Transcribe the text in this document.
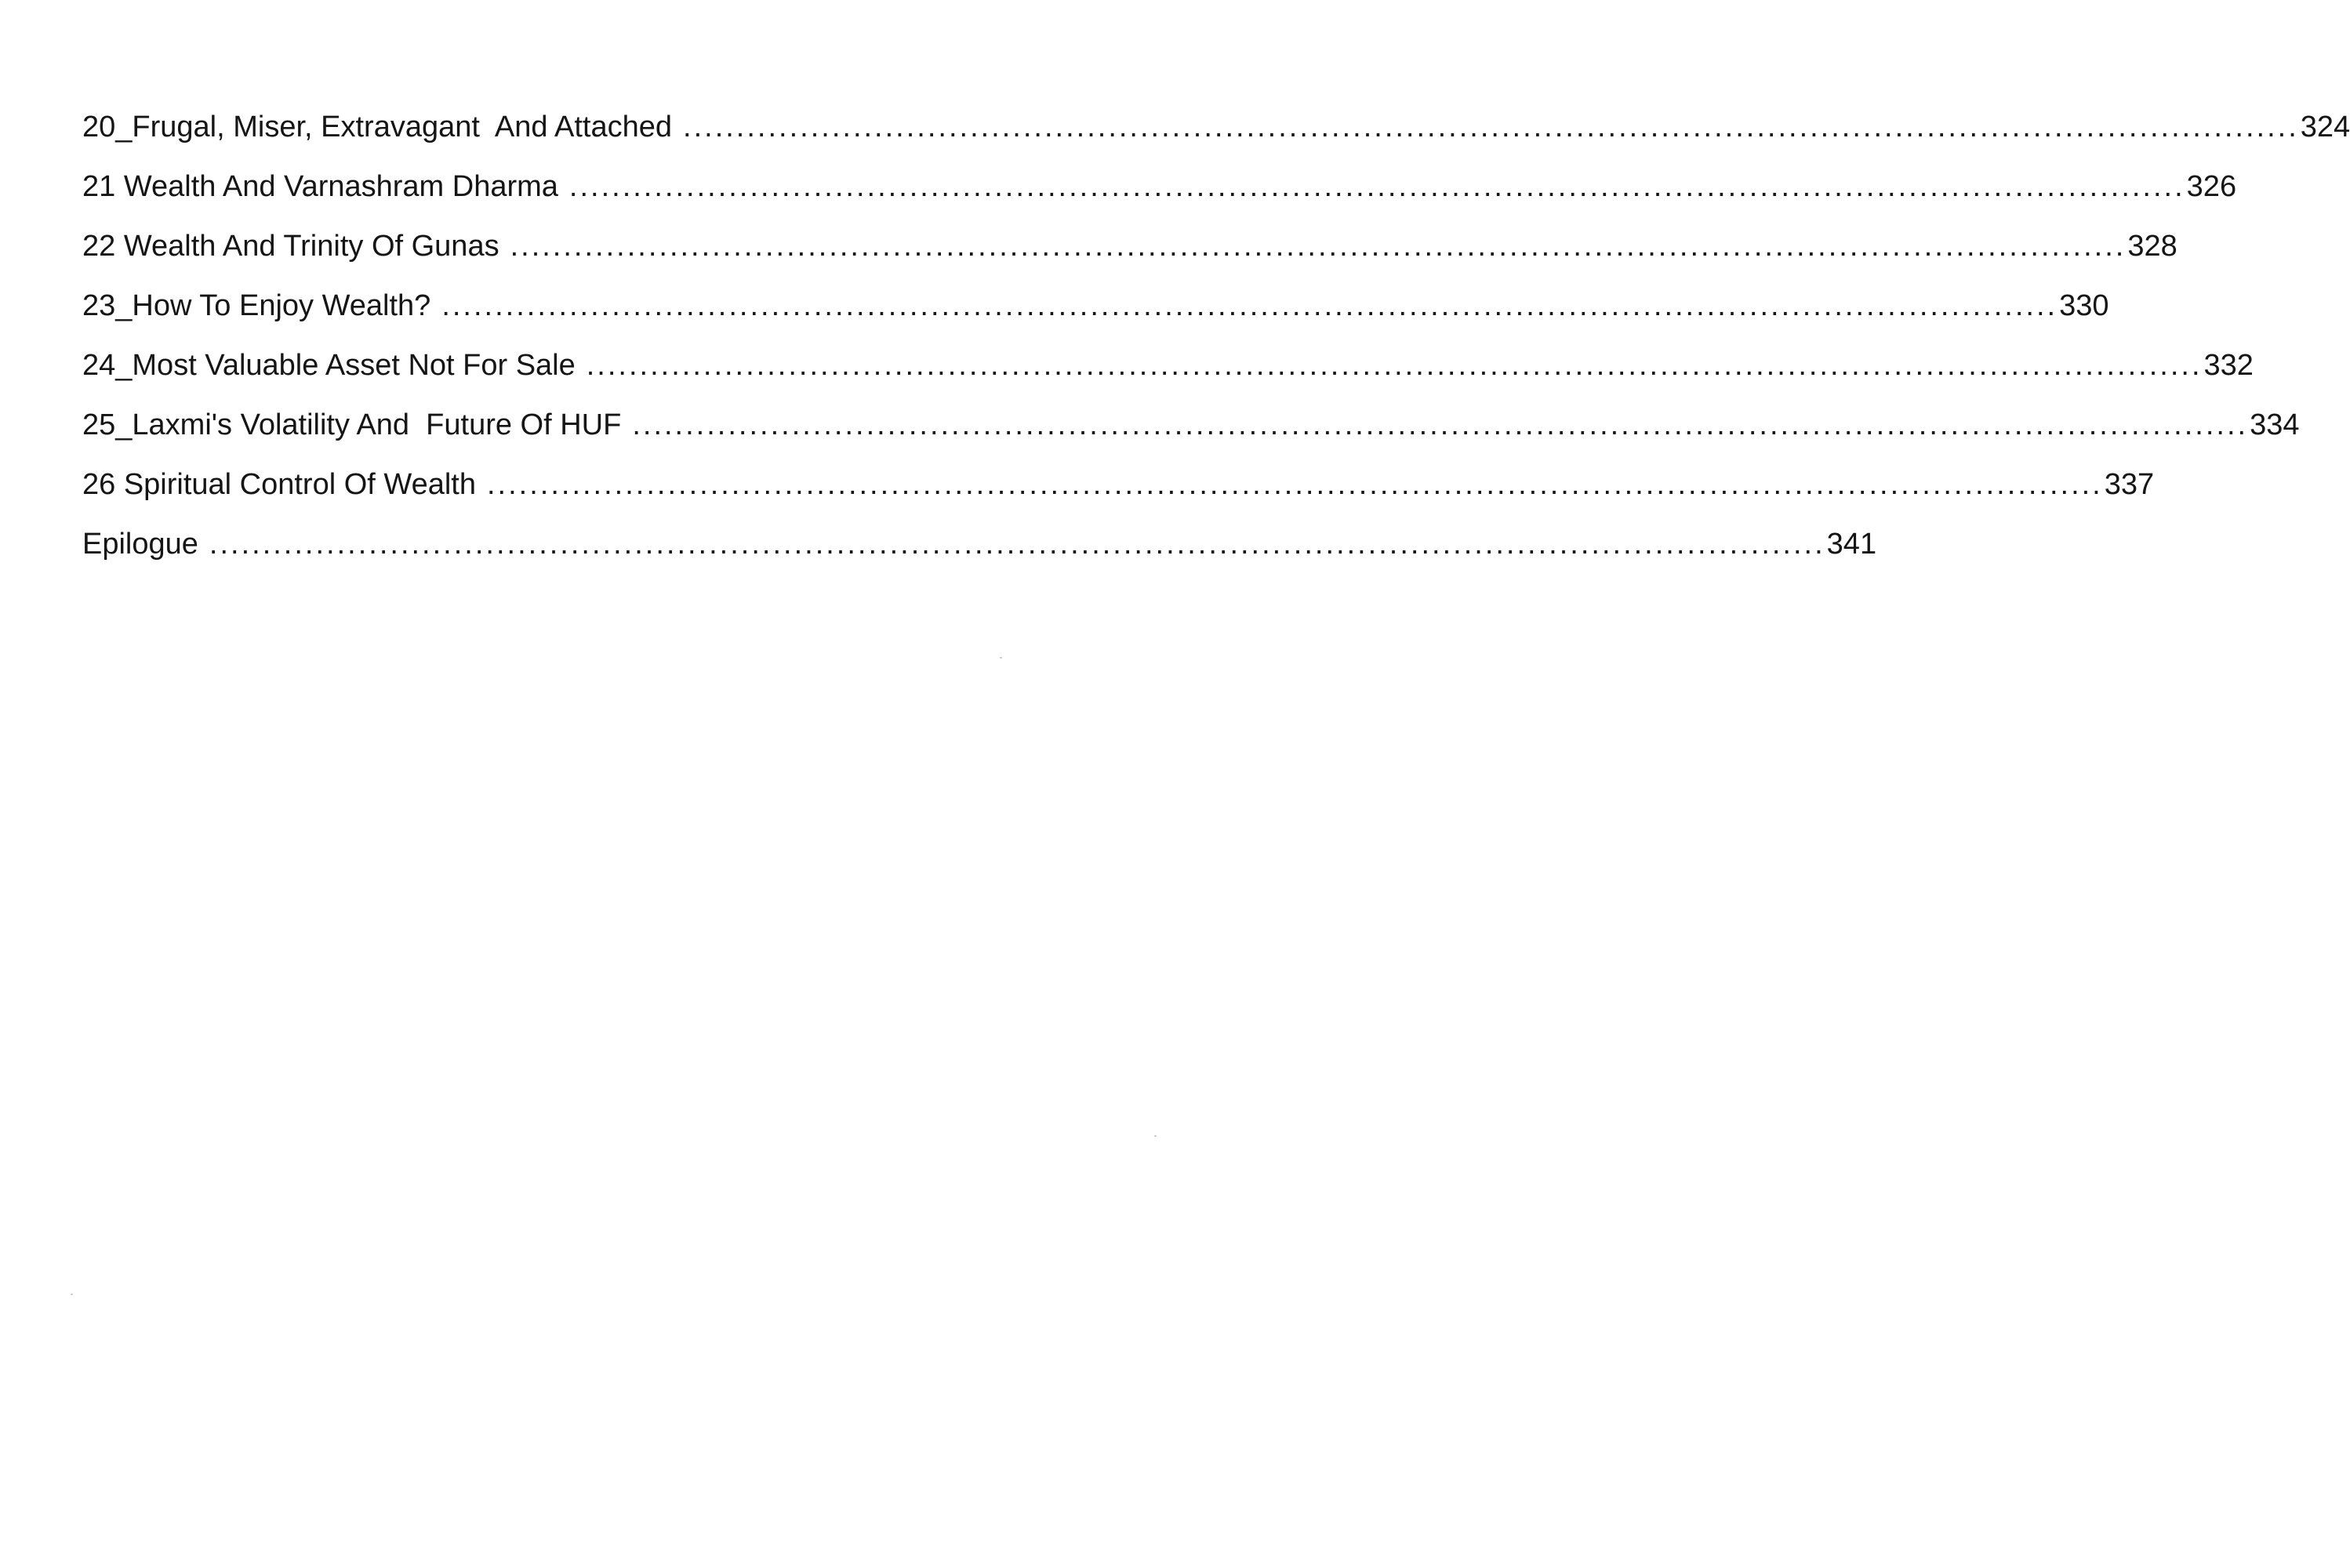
20_Frugal, Miser, Extravagant  And Attached ........................................................................................................................................................ 324
21 Wealth And Varnashram Dharma ........................................................................................................................................................ 326
22 Wealth And Trinity Of Gunas ........................................................................................................................................................ 328
23_How To Enjoy Wealth? ........................................................................................................................................................ 330
24_Most Valuable Asset Not For Sale ........................................................................................................................................................ 332
25_Laxmi's Volatility And  Future Of HUF ........................................................................................................................................................ 334
26 Spiritual Control Of Wealth ........................................................................................................................................................ 337
Epilogue ........................................................................................................................................................ 341
